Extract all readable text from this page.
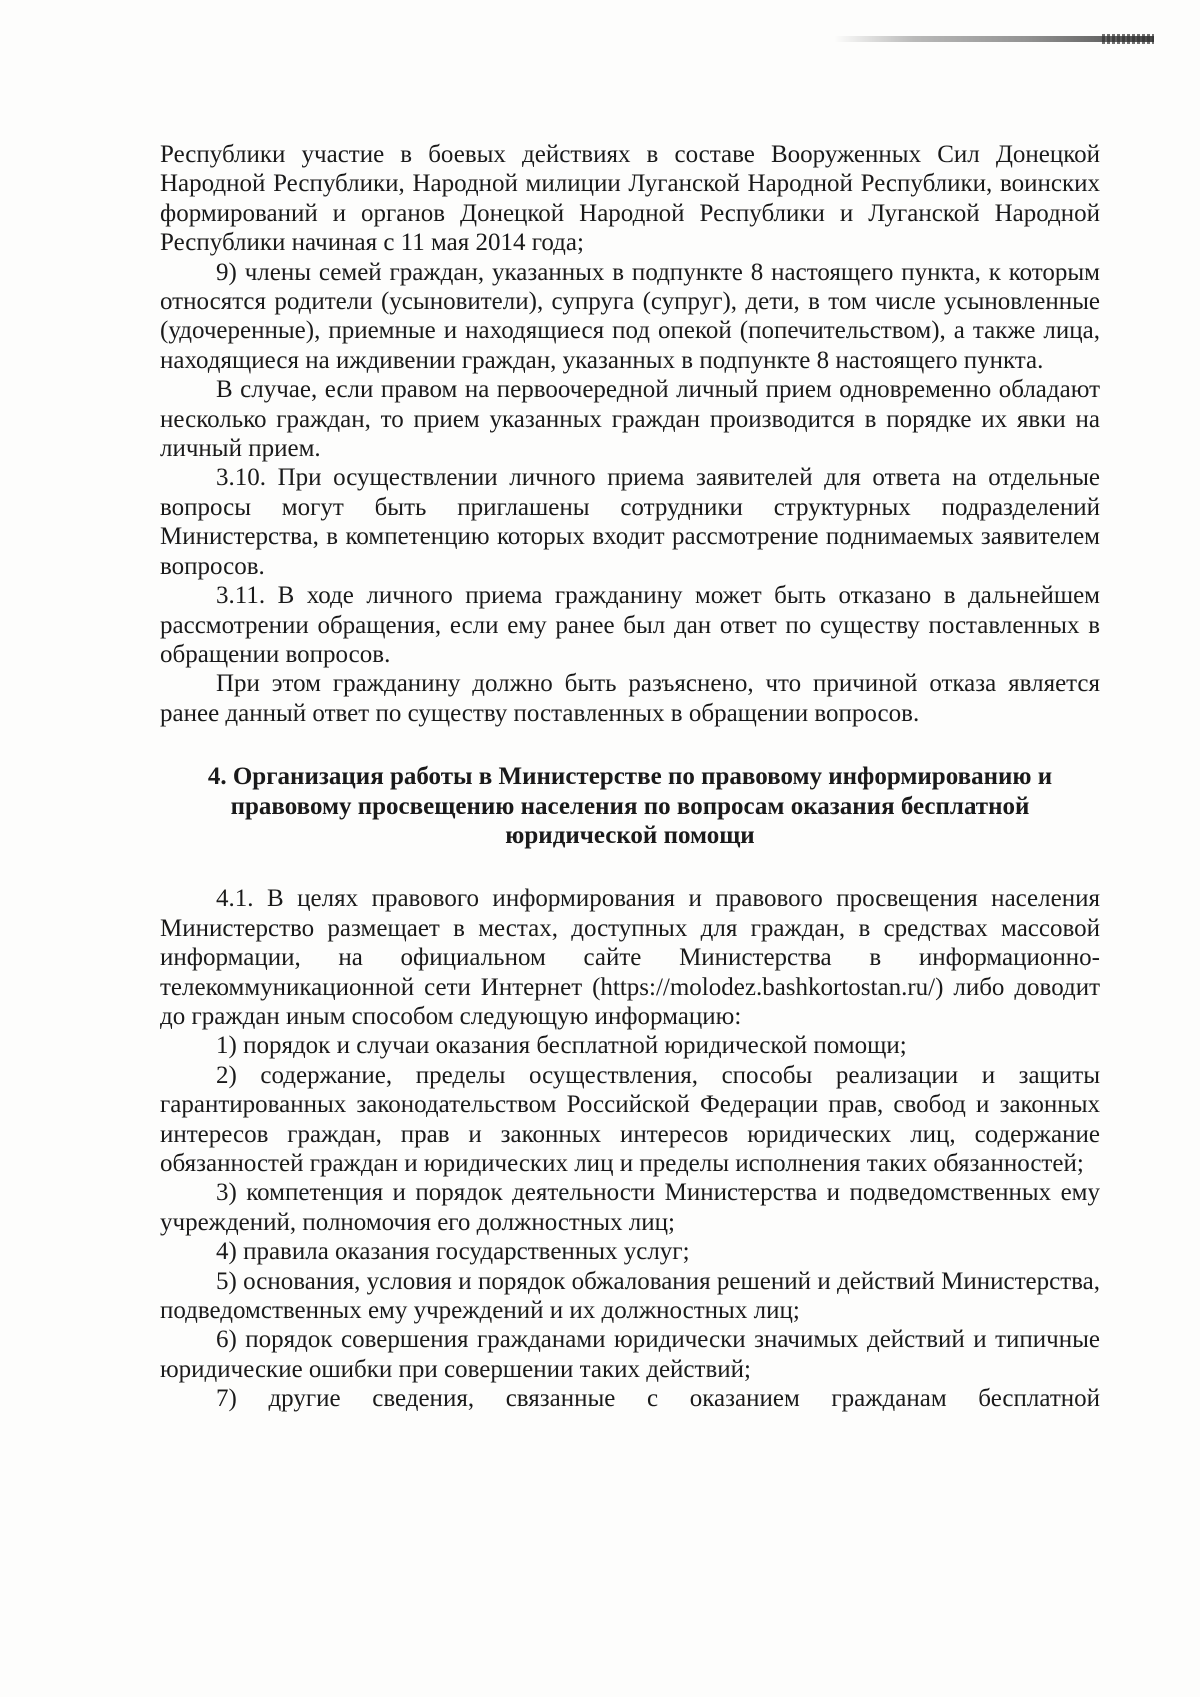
Республики участие в боевых действиях в составе Вооруженных Сил Донецкой Народной Республики, Народной милиции Луганской Народной Республики, воинских формирований и органов Донецкой Народной Республики и Луганской Народной Республики начиная с 11 мая 2014 года;

9) члены семей граждан, указанных в подпункте 8 настоящего пункта, к которым относятся родители (усыновители), супруга (супруг), дети, в том числе усыновленные (удочеренные), приемные и находящиеся под опекой (попечительством), а также лица, находящиеся на иждивении граждан, указанных в подпункте 8 настоящего пункта.

В случае, если правом на первоочередной личный прием одновременно обладают несколько граждан, то прием указанных граждан производится в порядке их явки на личный прием.

3.10. При осуществлении личного приема заявителей для ответа на отдельные вопросы могут быть приглашены сотрудники структурных подразделений Министерства, в компетенцию которых входит рассмотрение поднимаемых заявителем вопросов.

3.11. В ходе личного приема гражданину может быть отказано в дальнейшем рассмотрении обращения, если ему ранее был дан ответ по существу поставленных в обращении вопросов.

При этом гражданину должно быть разъяснено, что причиной отказа является ранее данный ответ по существу поставленных в обращении вопросов.

4. Организация работы в Министерстве по правовому информированию и правовому просвещению населения по вопросам оказания бесплатной юридической помощи

4.1. В целях правового информирования и правового просвещения населения Министерство размещает в местах, доступных для граждан, в средствах массовой информации, на официальном сайте Министерства в информационно-телекоммуникационной сети Интернет (https://molodez.bashkortostan.ru/) либо доводит до граждан иным способом следующую информацию:

1) порядок и случаи оказания бесплатной юридической помощи;

2) содержание, пределы осуществления, способы реализации и защиты гарантированных законодательством Российской Федерации прав, свобод и законных интересов граждан, прав и законных интересов юридических лиц, содержание обязанностей граждан и юридических лиц и пределы исполнения таких обязанностей;

3) компетенция и порядок деятельности Министерства и подведомственных ему учреждений, полномочия его должностных лиц;

4) правила оказания государственных услуг;

5) основания, условия и порядок обжалования решений и действий Министерства, подведомственных ему учреждений и их должностных лиц;

6) порядок совершения гражданами юридически значимых действий и типичные юридические ошибки при совершении таких действий;

7) другие сведения, связанные с оказанием гражданам бесплатной
